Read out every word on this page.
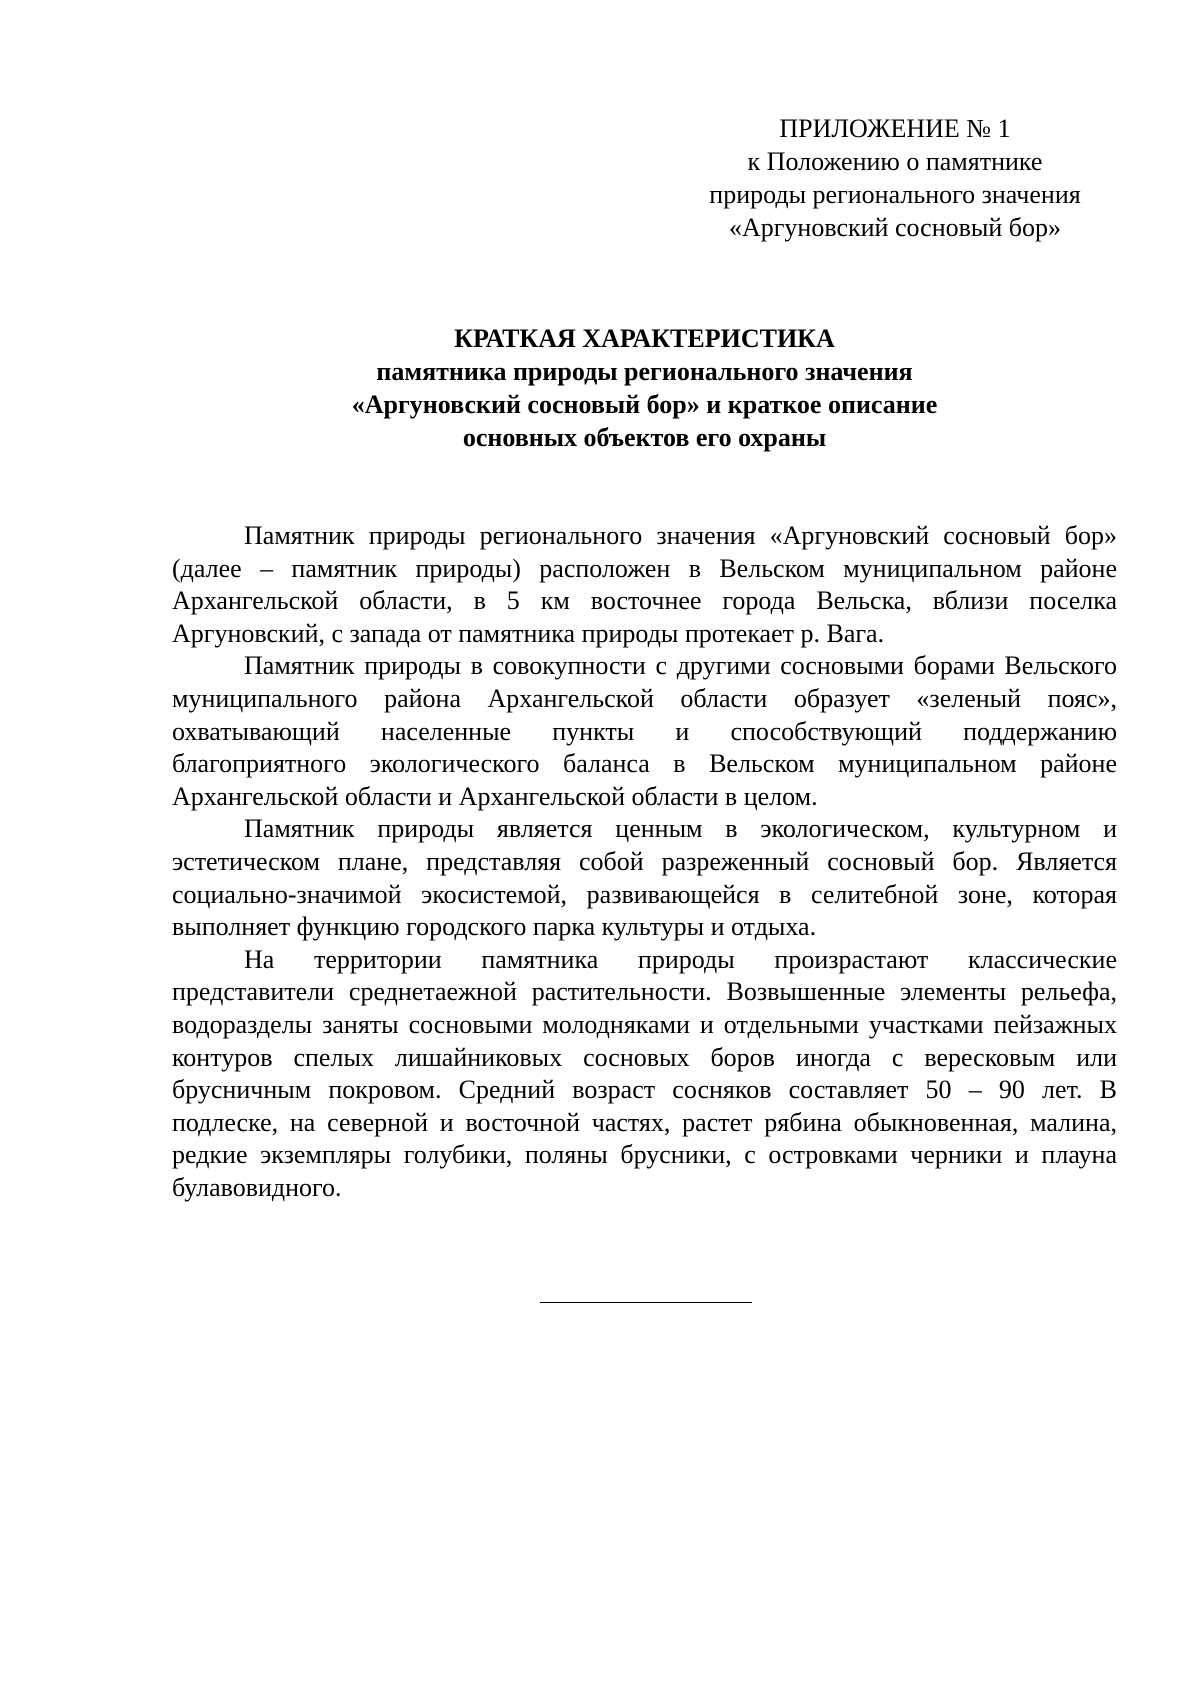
ПРИЛОЖЕНИЕ № 1
к Положению о памятнике
природы регионального значения
«Аргуновский сосновый бор»
КРАТКАЯ ХАРАКТЕРИСТИКА
памятника природы регионального значения
«Аргуновский сосновый бор» и краткое описание
основных объектов его охраны

Памятник природы регионального значения «Аргуновский сосновый бор» (далее – памятник природы) расположен в Вельском муниципальном районе Архангельской области, в 5 км восточнее города Вельска, вблизи поселка Аргуновский, с запада от памятника природы протекает р. Вага.

Памятник природы в совокупности с другими сосновыми борами Вельского муниципального района Архангельской области образует «зеленый пояс», охватывающий населенные пункты и способствующий поддержанию благоприятного экологического баланса в Вельском муниципальном районе Архангельской области и Архангельской области в целом.

Памятник природы является ценным в экологическом, культурном и эстетическом плане, представляя собой разреженный сосновый бор. Является социально-значимой экосистемой, развивающейся в селитебной зоне, которая выполняет функцию городского парка культуры и отдыха.

На территории памятника природы произрастают классические представители среднетаежной растительности. Возвышенные элементы рельефа, водоразделы заняты сосновыми молодняками и отдельными участками пейзажных контуров спелых лишайниковых сосновых боров иногда с вересковым или брусничным покровом. Средний возраст сосняков составляет 50 – 90 лет. В подлеске, на северной и восточной частях, растет рябина обыкновенная, малина, редкие экземпляры голубики, поляны брусники, с островками черники и плауна булавовидного.
